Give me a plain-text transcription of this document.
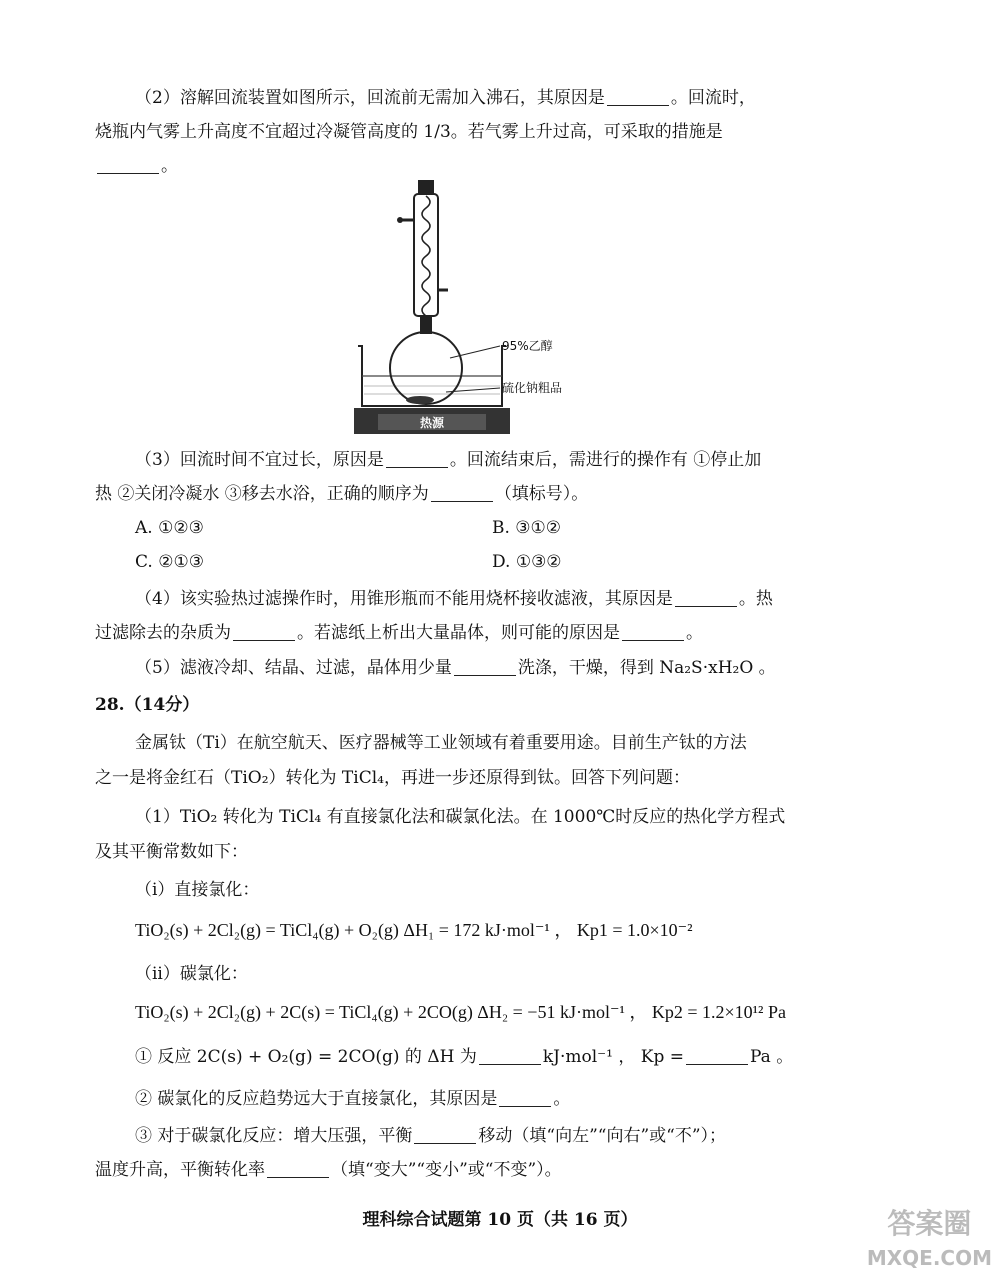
（2）溶解回流装置如图所示，回流前无需加入沸石，其原因是	。回流时，
烧瓶内气雾上升高度不宜超过冷凝管高度的 1/3。若气雾上升过高，可采取的措施是
。
热源
95%乙醇
硫化钠粗品
（3）回流时间不宜过长，原因是	。回流结束后，需进行的操作有 ①停止加
热 ②关闭冷凝水 ③移去水浴，正确的顺序为	（填标号）。
A. ①②③	B. ③①②
C. ②①③	D. ①③②
（4）该实验热过滤操作时，用锥形瓶而不能用烧杯接收滤液，其原因是	。热
过滤除去的杂质为	。若滤纸上析出大量晶体，则可能的原因是	。
（5）滤液冷却、结晶、过滤，晶体用少量	洗涤，干燥，得到 Na₂S·xH₂O 。
28.（14分）
金属钛（Ti）在航空航天、医疗器械等工业领域有着重要用途。目前生产钛的方法
之一是将金红石（TiO₂）转化为 TiCl₄，再进一步还原得到钛。回答下列问题：
（1）TiO₂ 转化为 TiCl₄ 有直接氯化法和碳氯化法。在 1000℃时反应的热化学方程式
及其平衡常数如下：
（i）直接氯化：
TiO₂(s) + 2Cl₂(g) = TiCl₄(g) + O₂(g) ΔH₁ = 172 kJ·mol⁻¹ ， Kp1 = 1.0×10⁻²
（ii）碳氯化：
TiO₂(s) + 2Cl₂(g) + 2C(s) = TiCl₄(g) + 2CO(g) ΔH₂ = −51 kJ·mol⁻¹ ， Kp2 = 1.2×10¹² Pa
① 反应 2C(s) + O₂(g) = 2CO(g) 的 ΔH 为	kJ·mol⁻¹ ， Kp =	Pa 。
② 碳氯化的反应趋势远大于直接氯化，其原因是	。
③ 对于碳氯化反应：增大压强，平衡	移动（填“向左”“向右”或“不”）；
温度升高，平衡转化率	（填“变大”“变小”或“不变”）。
理科综合试题第 10 页（共 16 页）	答案圈
MXQE.COM
